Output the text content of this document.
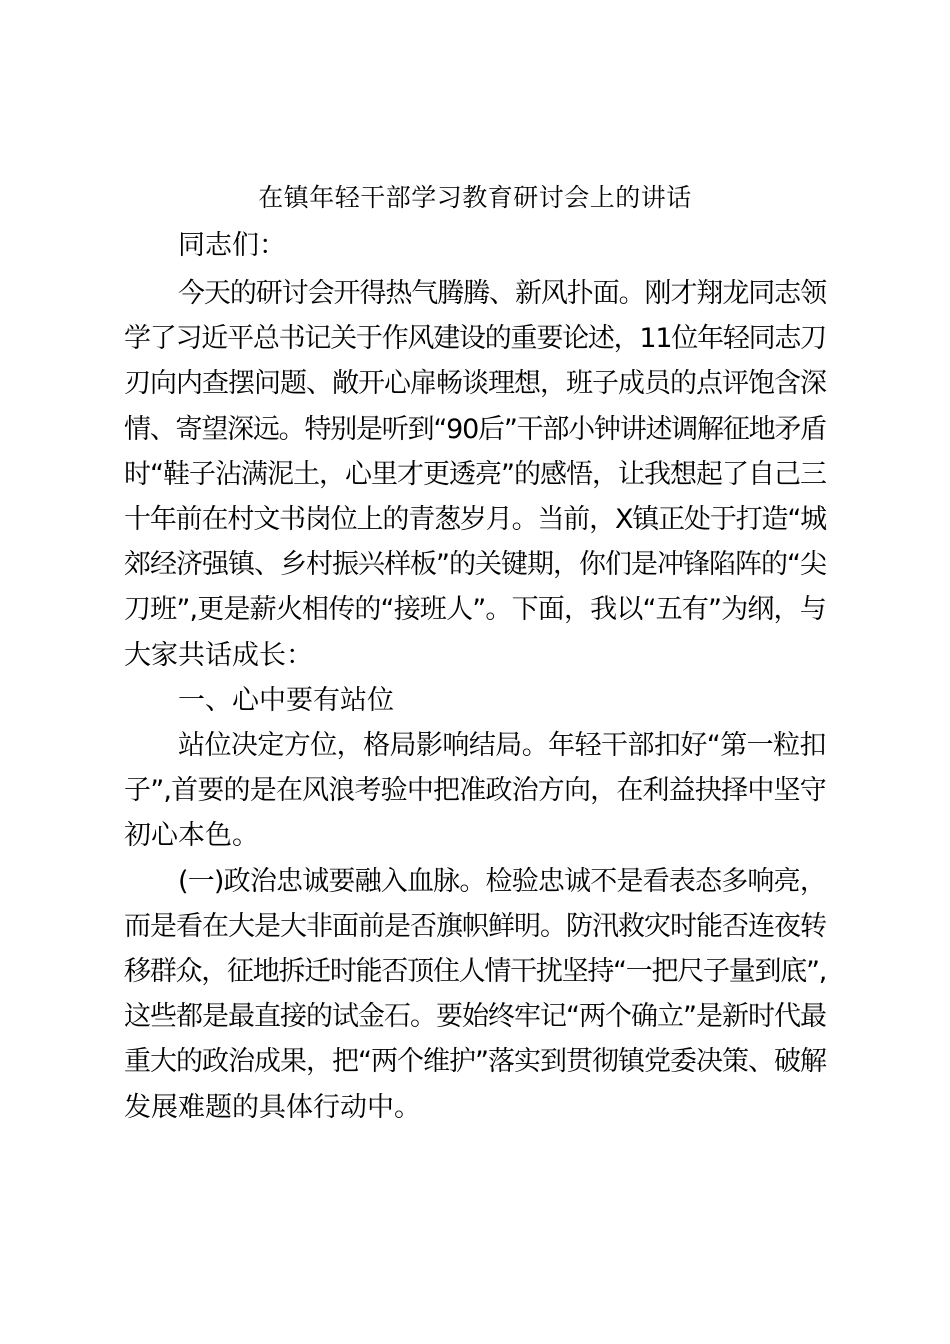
在镇年轻干部学习教育研讨会上的讲话
同志们：
今天的研讨会开得热气腾腾、新风扑面。刚才翔龙同志领
学了习近平总书记关于作风建设的重要论述，11位年轻同志刀
刃向内查摆问题、敞开心扉畅谈理想，班子成员的点评饱含深
情、寄望深远。特别是听到“90后”干部小钟讲述调解征地矛盾
时“鞋子沾满泥土，心里才更透亮”的感悟，让我想起了自己三
十年前在村文书岗位上的青葱岁月。当前，X镇正处于打造“城
郊经济强镇、乡村振兴样板”的关键期，你们是冲锋陷阵的“尖
刀班”,更是薪火相传的“接班人”。下面，我以“五有”为纲，与
大家共话成长：
一、心中要有站位
站位决定方位，格局影响结局。年轻干部扣好“第一粒扣
子”,首要的是在风浪考验中把准政治方向，在利益抉择中坚守
初心本色。
(一)政治忠诚要融入血脉。检验忠诚不是看表态多响亮，
而是看在大是大非面前是否旗帜鲜明。防汛救灾时能否连夜转
移群众，征地拆迁时能否顶住人情干扰坚持“一把尺子量到底”,
这些都是最直接的试金石。要始终牢记“两个确立”是新时代最
重大的政治成果，把“两个维护”落实到贯彻镇党委决策、破解
发展难题的具体行动中。
